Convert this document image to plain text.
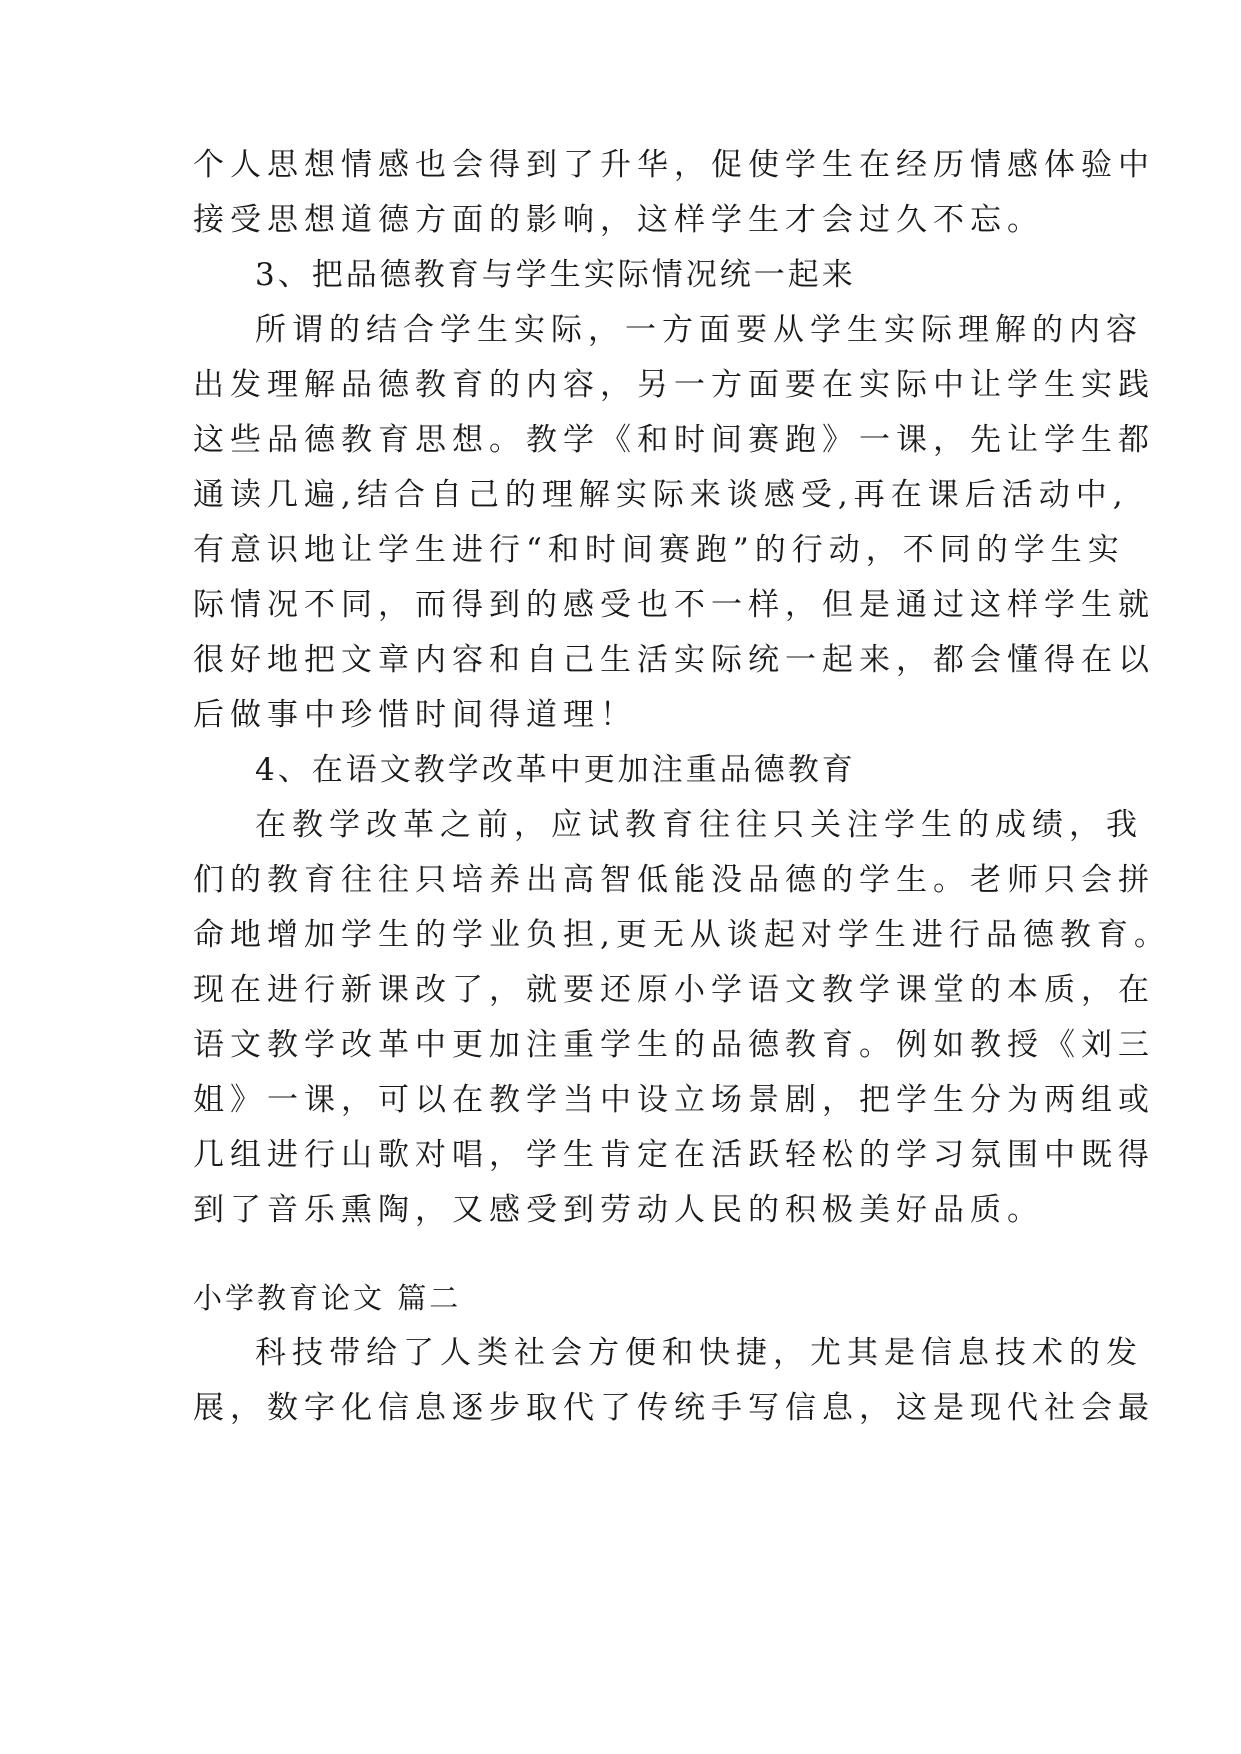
个人思想情感也会得到了升华，促使学生在经历情感体验中
接受思想道德方面的影响，这样学生才会过久不忘。
3、把品德教育与学生实际情况统一起来
所谓的结合学生实际，一方面要从学生实际理解的内容
出发理解品德教育的内容，另一方面要在实际中让学生实践
这些品德教育思想。教学《和时间赛跑》一课，先让学生都
通读几遍,结合自己的理解实际来谈感受,再在课后活动中,
有意识地让学生进行“和时间赛跑”的行动，不同的学生实
际情况不同，而得到的感受也不一样，但是通过这样学生就
很好地把文章内容和自己生活实际统一起来，都会懂得在以
后做事中珍惜时间得道理！
4、在语文教学改革中更加注重品德教育
在教学改革之前，应试教育往往只关注学生的成绩，我
们的教育往往只培养出高智低能没品德的学生。老师只会拼
命地增加学生的学业负担,更无从谈起对学生进行品德教育。
现在进行新课改了，就要还原小学语文教学课堂的本质，在
语文教学改革中更加注重学生的品德教育。例如教授《刘三
姐》一课，可以在教学当中设立场景剧，把学生分为两组或
几组进行山歌对唱，学生肯定在活跃轻松的学习氛围中既得
到了音乐熏陶，又感受到劳动人民的积极美好品质。
小学教育论文 篇二
科技带给了人类社会方便和快捷，尤其是信息技术的发
展，数字化信息逐步取代了传统手写信息，这是现代社会最
